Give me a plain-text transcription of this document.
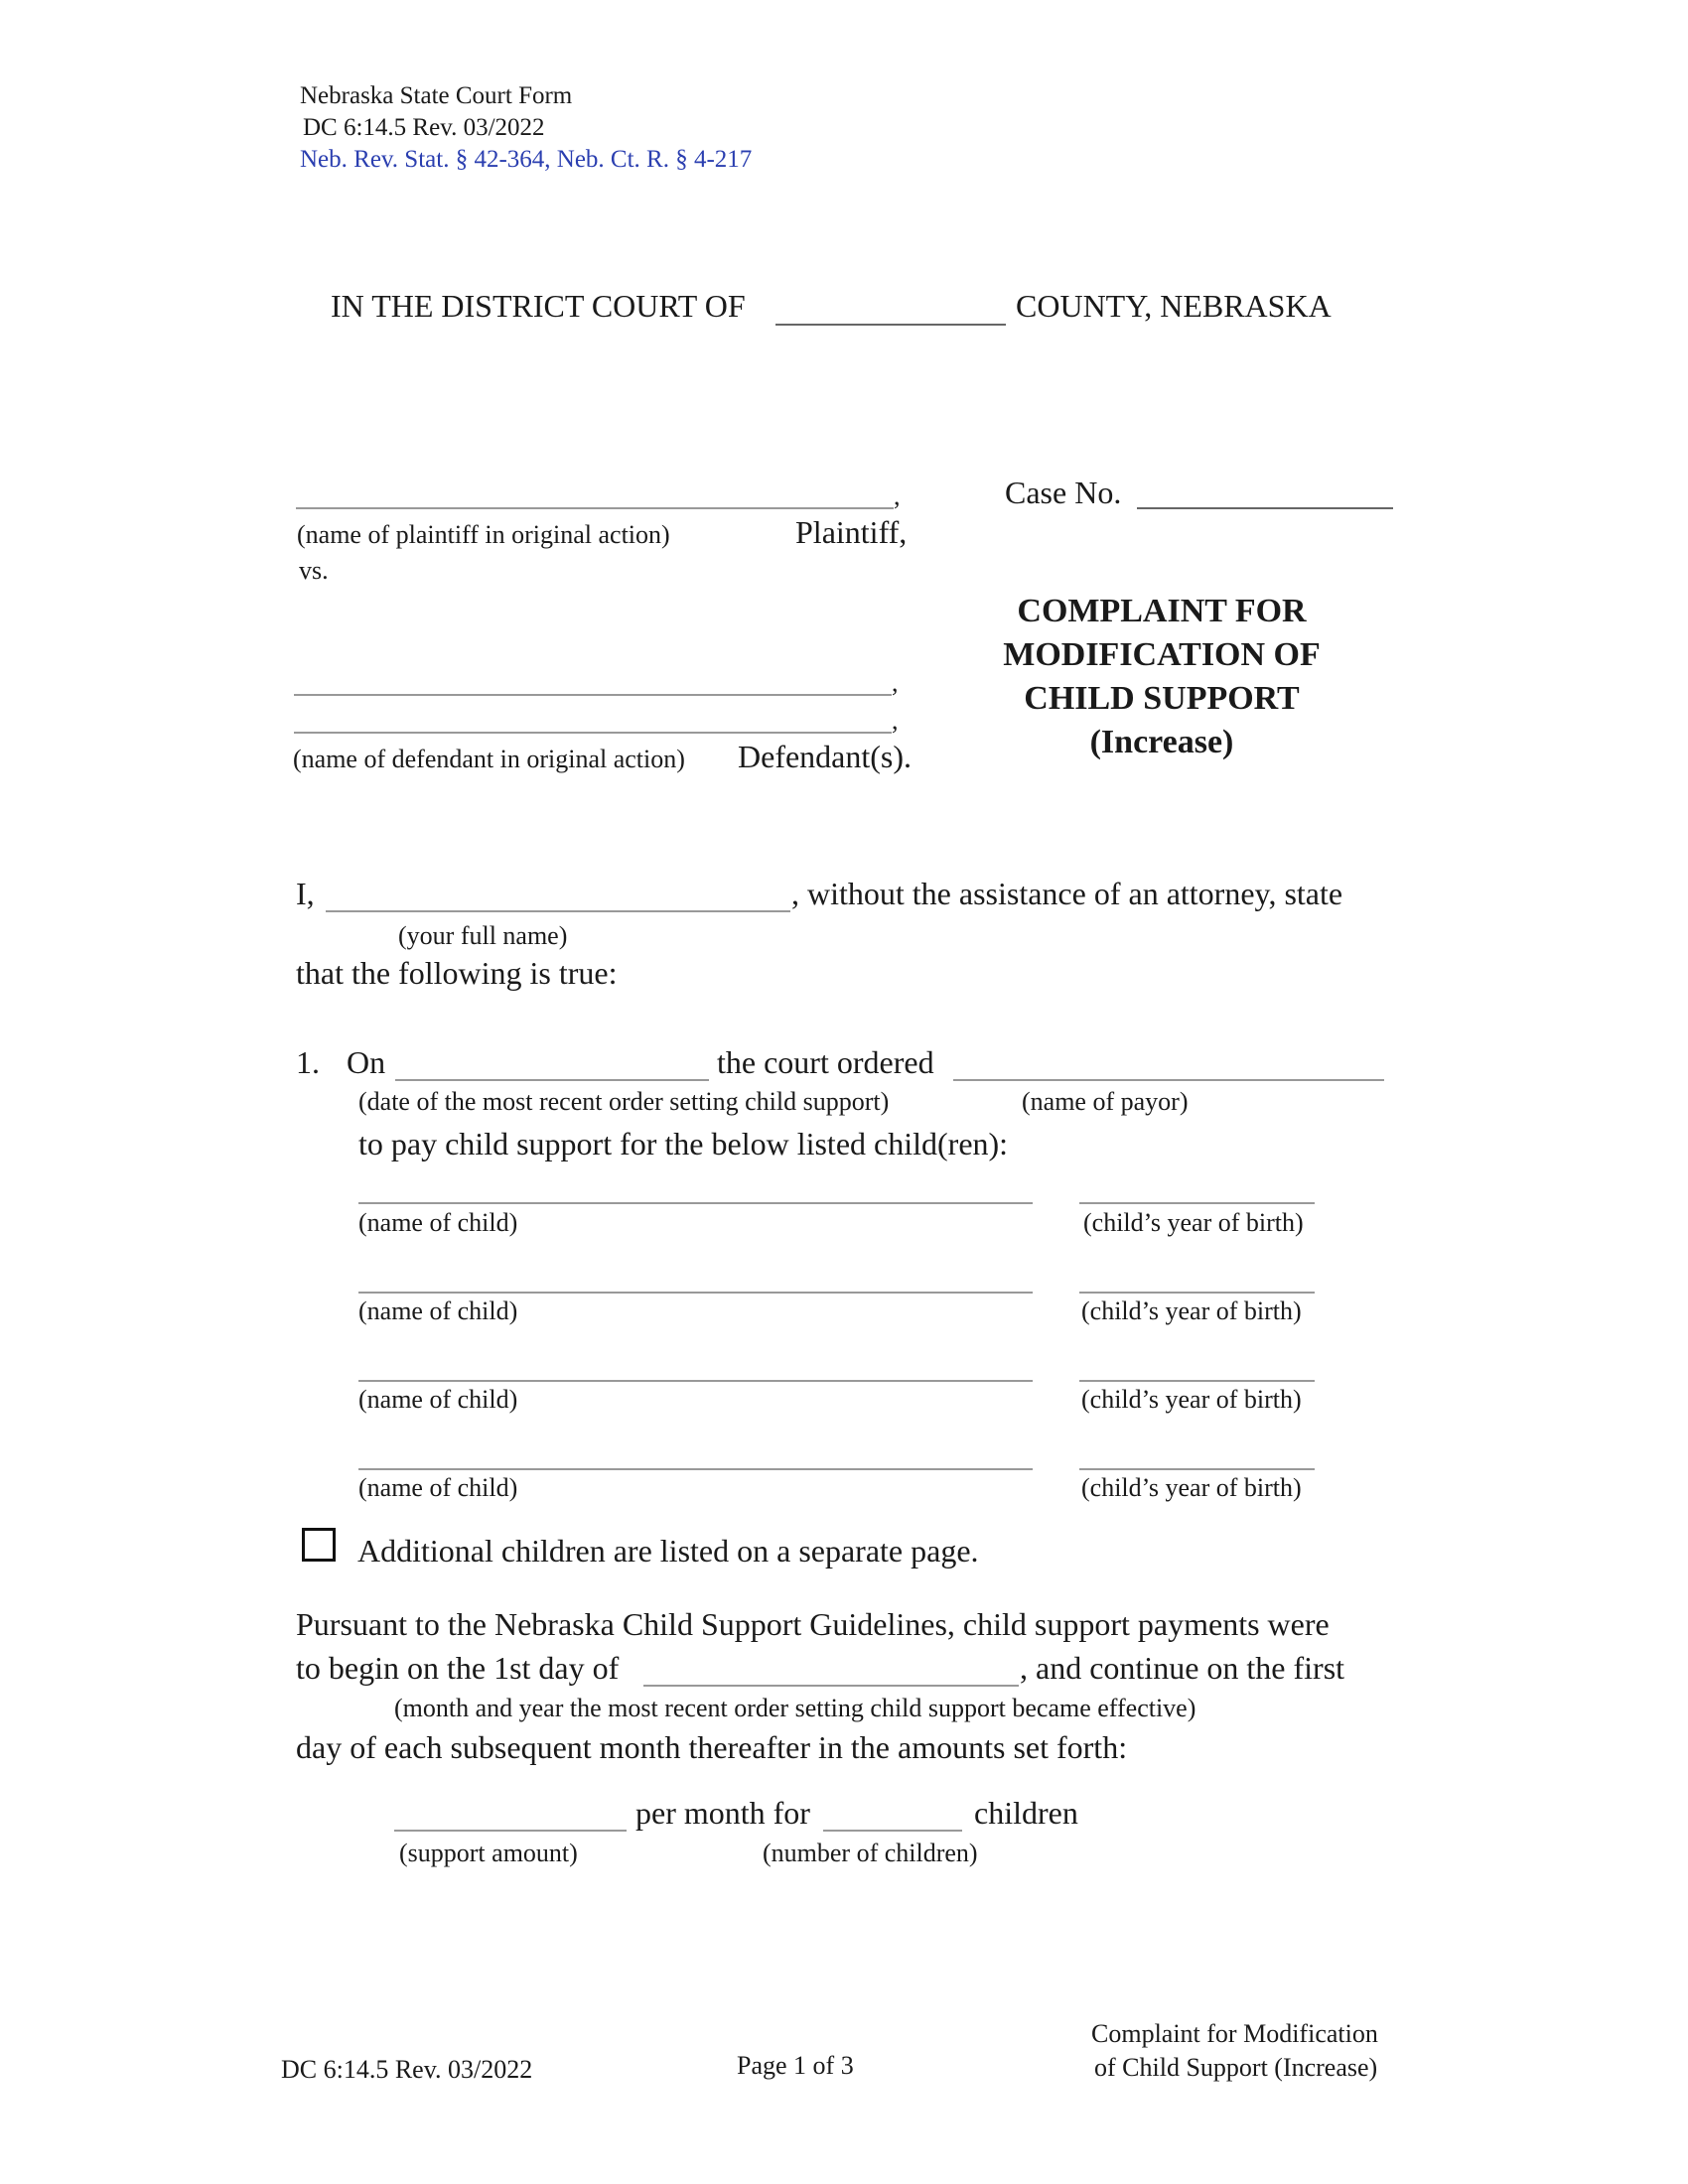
Nebraska State Court Form
DC 6:14.5 Rev. 03/2022
Neb. Rev. Stat. § 42-364, Neb. Ct. R. § 4-217
IN THE DISTRICT COURT OF	COUNTY, NEBRASKA
,
(name of plaintiff in original action)	Plaintiff,
vs.
Case No.
,
,
(name of defendant in original action) Defendant(s).
COMPLAINT FOR
MODIFICATION OF
CHILD SUPPORT
(Increase)
I,	, without the assistance of an attorney, state
(your full name)
that the following is true:
1. On	the court ordered
(date of the most recent order setting child support)	(name of payor)
to pay child support for the below listed child(ren):
(name of child)	(child’s year of birth)
(name of child)	(child’s year of birth)
(name of child)	(child’s year of birth)
(name of child)	(child’s year of birth)
Additional children are listed on a separate page.
Pursuant to the Nebraska Child Support Guidelines, child support payments were
to begin on the 1st day of	, and continue on the first
(month and year the most recent order setting child support became effective)
day of each subsequent month thereafter in the amounts set forth:
per month for	children
(support amount)	(number of children)
DC 6:14.5 Rev. 03/2022	Page 1 of 3
Complaint for Modification
of Child Support (Increase)
